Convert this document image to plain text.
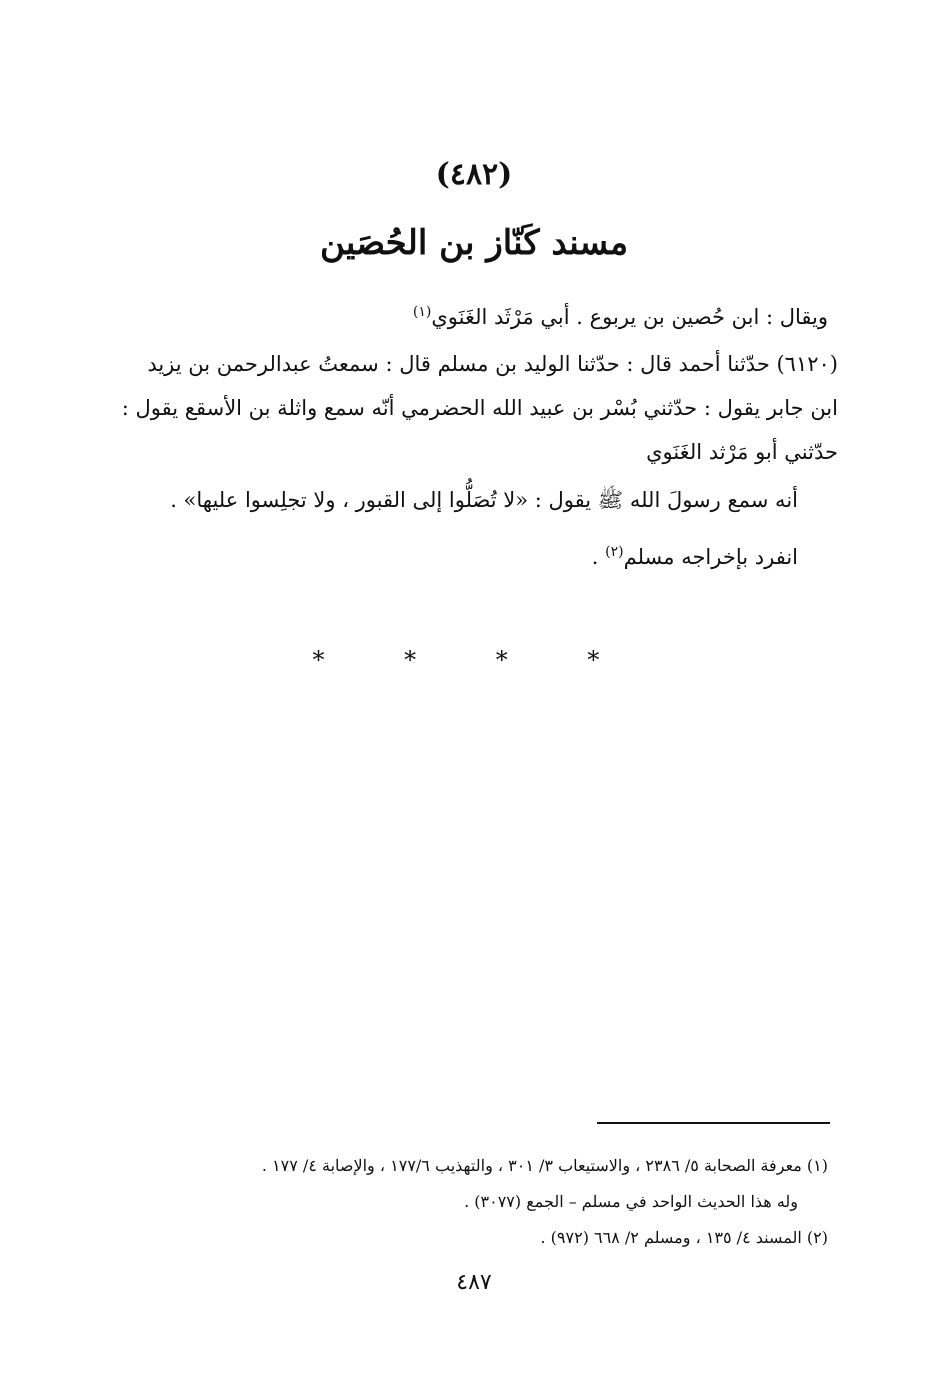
(٤٨٢)
مسند كَنّاز بن الحُصَين
ويقال : ابن حُصين بن يربوع . أبي مَرْثَد الغَنَوي$^{(١)}$
(٦١٢٠) حدّثنا أحمد قال : حدّثنا الوليد بن مسلم قال : سمعتُ عبدالرحمن بن يزيد
ابن جابر يقول : حدّثني بُسْر بن عبيد الله الحضرمي أنّه سمع واثلة بن الأسقع يقول :
حدّثني أبو مَرْثد الغَنَوي
أنه سمع رسولَ الله ﷺ يقول : «لا تُصَلُّوا إلى القبور ، ولا تجلِسوا عليها» .
انفرد بإخراجه مسلم$^{(٢)}$ .
* * * *
(١) معرفة الصحابة ٥/ ٢٣٨٦ ، والاستيعاب ٣/ ٣٠١ ، والتهذيب ١٧٧/٦ ، والإصابة ٤/ ١٧٧ .
وله هذا الحديث الواحد في مسلم – الجمع (٣٠٧٧) .
(٢) المسند ٤/ ١٣٥ ، ومسلم ٢/ ٦٦٨ (٩٧٢) .
٤٨٧
